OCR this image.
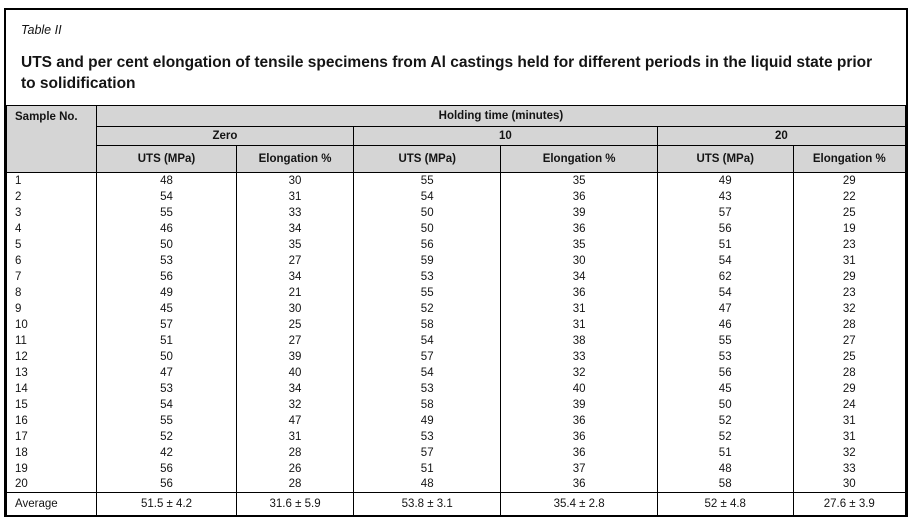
Table II

UTS and per cent elongation of tensile specimens from Al castings held for different periods in the liquid state prior to solidification

Sample No.	Holding time (minutes)					
	Zero		10		20	
	UTS (MPa)	Elongation %	UTS (MPa)	Elongation %	UTS (MPa)	Elongation %
1	48	30	55	35	49	29
2	54	31	54	36	43	22
3	55	33	50	39	57	25
4	46	34	50	36	56	19
5	50	35	56	35	51	23
6	53	27	59	30	54	31
7	56	34	53	34	62	29
8	49	21	55	36	54	23
9	45	30	52	31	47	32
10	57	25	58	31	46	28
11	51	27	54	38	55	27
12	50	39	57	33	53	25
13	47	40	54	32	56	28
14	53	34	53	40	45	29
15	54	32	58	39	50	24
16	55	47	49	36	52	31
17	52	31	53	36	52	31
18	42	28	57	36	51	32
19	56	26	51	37	48	33
20	56	28	48	36	58	30
Average	51.5 ± 4.2	31.6 ± 5.9	53.8 ± 3.1	35.4 ± 2.8	52 ± 4.8	27.6 ± 3.9
